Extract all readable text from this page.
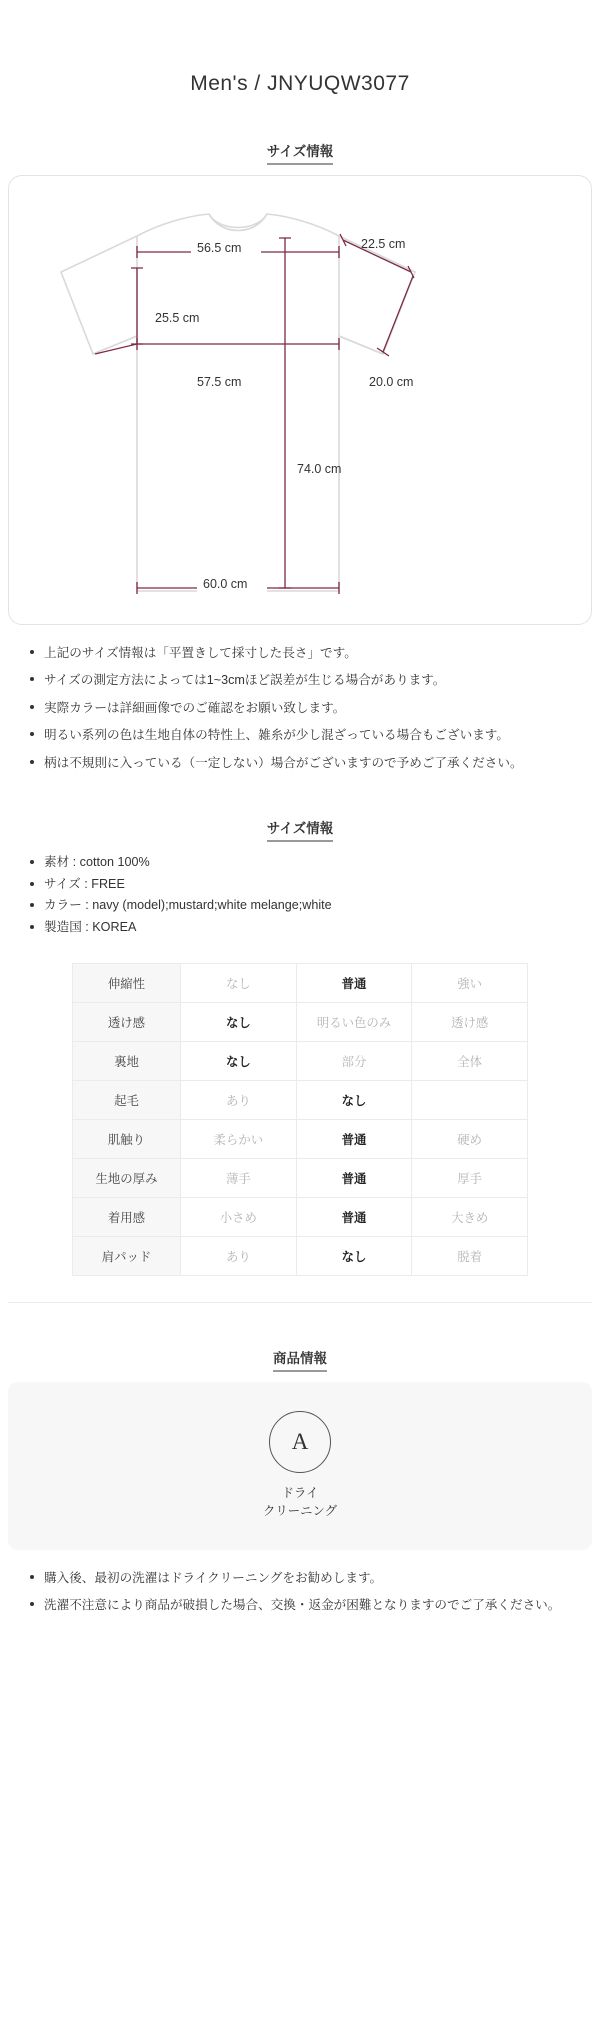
Men's / JNYUQW3077
サイズ情報
56.5 cm	22.5 cm
25.5 cm
20.0 cm
57.5 cm
74.0 cm
60.0 cm
上記のサイズ情報は「平置きして採寸した長さ」です。
サイズの測定方法によっては1~3cmほど誤差が生じる場合があります。
実際カラーは詳細画像でのご確認をお願い致します。
明るい系列の色は生地自体の特性上、雑糸が少し混ざっている場合もございます。
柄は不規則に入っている（一定しない）場合がございますので予めご了承ください。
サイズ情報
素材 : cotton 100%
サイズ : FREE
カラー : navy (model);mustard;white melange;white
製造国 : KOREA
伸縮性	なし	普通	強い
透け感	なし	明るい色のみ	透け感
裏地	なし	部分	全体
起毛	あり	なし	
肌触り	柔らかい	普通	硬め
生地の厚み	薄手	普通	厚手
着用感	小さめ	普通	大きめ
肩パッド	あり	なし	脱着
商品情報
A
ドライ
クリーニング
購入後、最初の洗濯はドライクリーニングをお勧めします。
洗濯不注意により商品が破損した場合、交換・返金が困難となりますのでご了承ください。
